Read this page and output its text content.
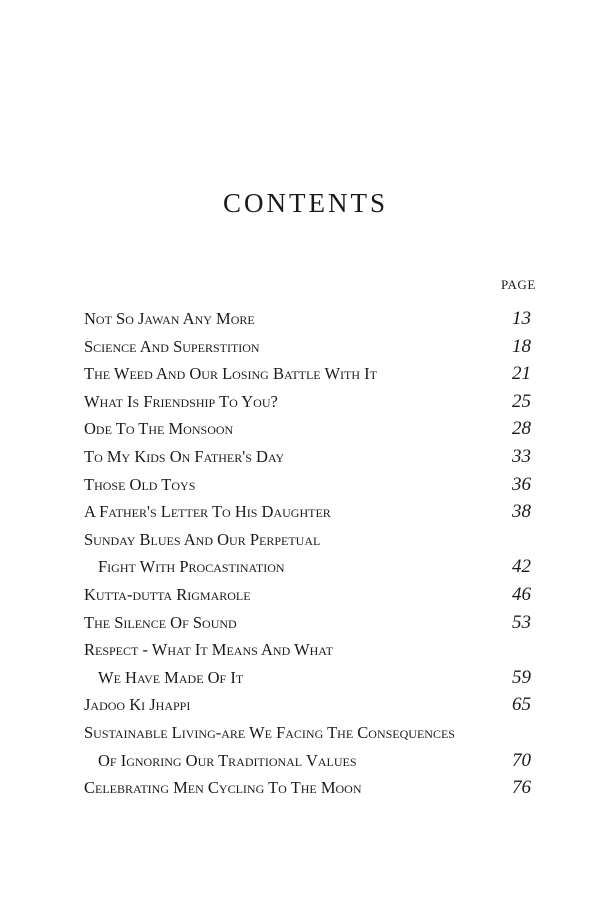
CONTENTS
PAGE
Not So Jawan Any More	13
Science And Superstition	18
The Weed And Our Losing Battle With It	21
What Is Friendship To You?	25
Ode To The Monsoon	28
To My Kids On Father's Day	33
Those Old Toys	36
A Father's Letter To His Daughter	38
Sunday Blues And Our Perpetual
Fight With Procastination	42
Kutta-dutta Rigmarole	46
The Silence Of Sound	53
Respect - What It Means And What
We Have Made Of It	59
Jadoo Ki Jhappi	65
Sustainable Living-are We Facing The Consequences
Of Ignoring Our Traditional Values	70
Celebrating Men Cycling To The Moon	76
